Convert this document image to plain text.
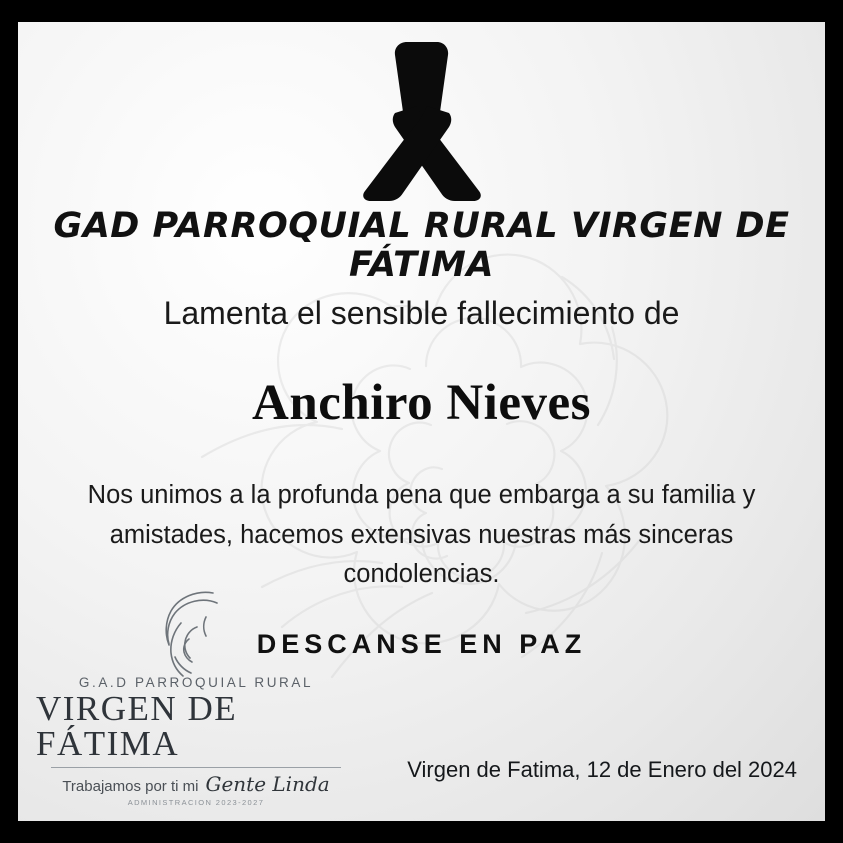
GAD PARROQUIAL RURAL VIRGEN DE FÁTIMA
Lamenta el sensible fallecimiento de
Anchiro Nieves
Nos unimos a la profunda pena que embarga a su familia y amistades, hacemos extensivas nuestras más sinceras condolencias.
DESCANSE EN PAZ
G.A.D PARROQUIAL RURAL
VIRGEN DE FÁTIMA
Trabajamos por ti mi Gente Linda
ADMINISTRACION 2023-2027
Virgen de Fatima, 12 de Enero del 2024
